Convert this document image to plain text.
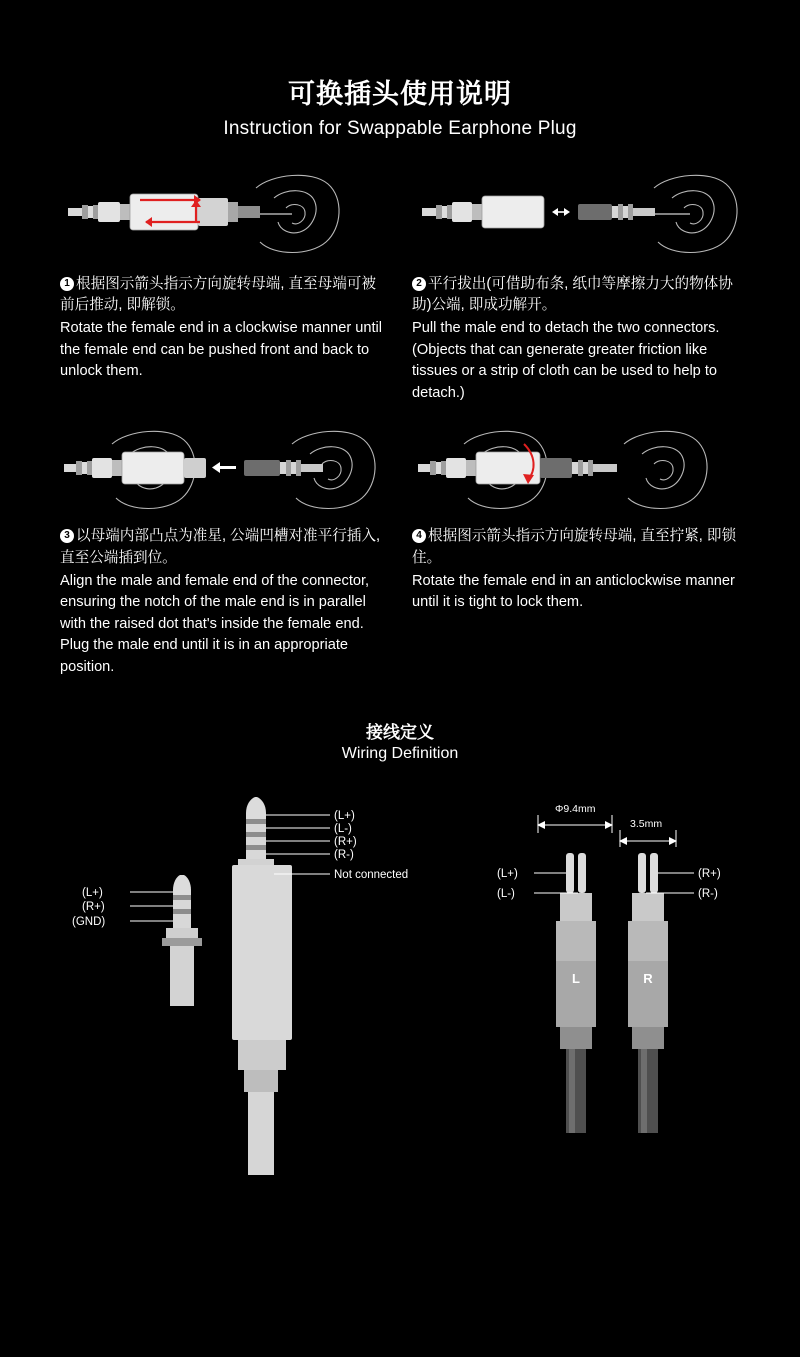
可换插头使用说明
Instruction for Swappable Earphone Plug
1 根据图示箭头指示方向旋转母端, 直至母端可被前后推动, 即解锁。
Rotate the female end in a clockwise manner until the female end can be pushed front and back to unlock them.
2 平行拔出(可借助布条, 纸巾等摩擦力大的物体协助)公端, 即成功解开。
Pull the male end to detach the two connectors. (Objects that can generate greater friction like tissues or a strip of cloth can be used to help to detach.)
3 以母端内部凸点为准星, 公端凹槽对准平行插入, 直至公端插到位。
Align the male and female end of the connector, ensuring the notch of the male end is in parallel with the raised dot that's inside the female end. Plug the male end until it is in an appropriate position.
4 根据图示箭头指示方向旋转母端, 直至拧紧, 即锁住。
Rotate the female end in an anticlockwise manner until it is tight to lock them.
接线定义
Wiring Definition
(L+)
(L-)
(R+)
(R-)
Not connected
(L+)
(R+)
(GND)
Φ9.4mm
3.5mm
L	R
(L+)
(L-)
(R+)
(R-)
